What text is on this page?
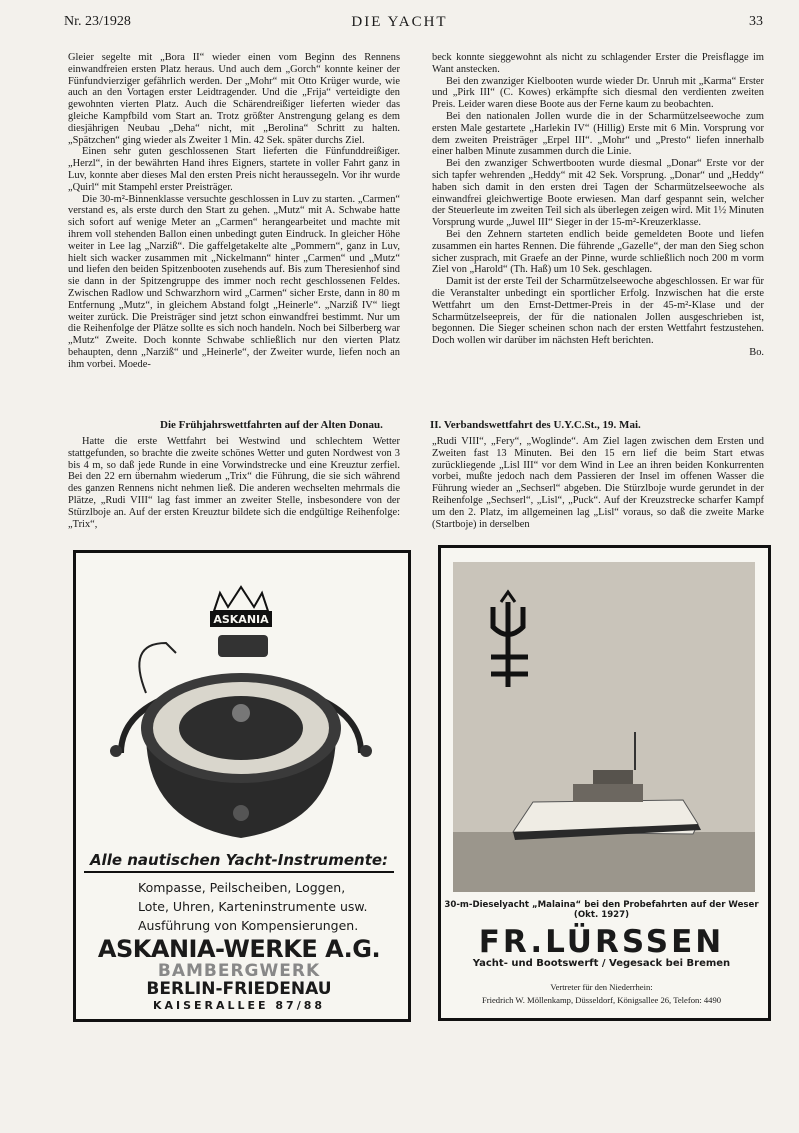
Nr. 23/1928	DIE YACHT	33

Gleier segelte mit „Bora II“ wieder einen vom Beginn des Rennens einwandfreien ersten Platz heraus. Und auch dem „Gorch“ konnte keiner der Fünfundvierziger gefährlich werden. Der „Mohr“ mit Otto Krüger wurde, wie auch an den Vortagen erster Leidtragender. Und die „Frija“ verteidigte den gewohnten vierten Platz. Auch die Schärendreißiger lieferten wieder das gleiche Kampfbild vom Start an. Trotz größter Anstrengung gelang es dem diesjährigen Neubau „Deha“ nicht, mit „Berolina“ Schritt zu halten. „Spätzchen“ ging wieder als Zweiter 1 Min. 42 Sek. später durchs Ziel.

Einen sehr guten geschlossenen Start lieferten die Fünfunddreißiger. „Herzl“, in der bewährten Hand ihres Eigners, startete in voller Fahrt ganz in Luv, konnte aber dieses Mal den ersten Preis nicht heraussegeln. Vor ihr wurde „Quirl“ mit Stampehl erster Preisträger.

Die 30-m²-Binnenklasse versuchte geschlossen in Luv zu starten. „Carmen“ verstand es, als erste durch den Start zu gehen. „Mutz“ mit A. Schwabe hatte sich sofort auf wenige Meter an „Carmen“ herangearbeitet und machte mit ihrem voll stehenden Ballon einen unbedingt guten Eindruck. In gleicher Höhe weiter in Lee lag „Narziß“. Die gaffelgetakelte alte „Pommern“, ganz in Luv, hielt sich wacker zusammen mit „Nickelmann“ hinter „Carmen“ und „Mutz“ und liefen den beiden Spitzenbooten zusehends auf. Bis zum Theresienhof sind sie dann in der Spitzengruppe des immer noch recht geschlossenen Feldes. Zwischen Radlow und Schwarzhorn wird „Carmen“ sicher Erste, dann in 80 m Entfernung „Mutz“, in gleichem Abstand folgt „Heinerle“. „Narziß IV“ liegt weiter zurück. Die Preisträger sind jetzt schon einwandfrei bestimmt. Nur um die Reihenfolge der Plätze sollte es sich noch handeln. Noch bei Silberberg war „Mutz“ Zweite. Doch konnte Schwabe schließlich nur den vierten Platz behaupten, denn „Narziß“ und „Heinerle“, der Zweiter wurde, liefen noch an ihm vorbei. Moede-

beck konnte sieggewohnt als nicht zu schlagender Erster die Preisflagge im Want anstecken.

Bei den zwanziger Kielbooten wurde wieder Dr. Unruh mit „Karma“ Erster und „Pirk III“ (C. Kowes) erkämpfte sich diesmal den verdienten zweiten Preis. Leider waren diese Boote aus der Ferne kaum zu beobachten.

Bei den nationalen Jollen wurde die in der Scharmützelseewoche zum ersten Male gestartete „Harlekin IV“ (Hillig) Erste mit 6 Min. Vorsprung vor dem zweiten Preisträger „Erpel III“. „Mohr“ und „Presto“ liefen innerhalb einer halben Minute zusammen durch die Linie.

Bei den zwanziger Schwertbooten wurde diesmal „Donar“ Erste vor der sich tapfer wehrenden „Heddy“ mit 42 Sek. Vorsprung. „Donar“ und „Heddy“ haben sich damit in den ersten drei Tagen der Scharmützelseewoche als einwandfrei gleichwertige Boote erwiesen. Man darf gespannt sein, welcher der Steuerleute im zweiten Teil sich als überlegen zeigen wird. Mit 1½ Minuten Vorsprung wurde „Juwel III“ Sieger in der 15-m²-Kreuzerklasse.

Bei den Zehnern starteten endlich beide gemeldeten Boote und liefen zusammen ein hartes Rennen. Die führende „Gazelle“, der man den Sieg schon sicher zusprach, mit Graefe an der Pinne, wurde schließlich noch 200 m vorm Ziel von „Harold“ (Th. Haß) um 10 Sek. geschlagen.

Damit ist der erste Teil der Scharmützelseewoche abgeschlossen. Er war für die Veranstalter unbedingt ein sportlicher Erfolg. Inzwischen hat die erste Wettfahrt um den Ernst-Dettmer-Preis in der 45-m²-Klase und der Scharmützelseepreis, der für die nationalen Jollen ausgeschrieben ist, begonnen. Die Sieger scheinen schon nach der ersten Wettfahrt festzustehen. Doch wollen wir darüber im nächsten Heft berichten.

Bo.
Die Frühjahrswettfahrten auf der Alten Donau.	II. Verbandswettfahrt des U.Y.C.St., 19. Mai.

Hatte die erste Wettfahrt bei Westwind und schlechtem Wetter stattgefunden, so brachte die zweite schönes Wetter und guten Nordwest von 3 bis 4 m, so daß jede Runde in eine Vorwindstrecke und eine Kreuztur zerfiel. Bei den 22 ern übernahm wiederum „Trix“ die Führung, die sie sich während des ganzen Rennens nicht nehmen ließ. Die anderen wechselten mehrmals die Plätze, „Rudi VIII“ lag fast immer an zweiter Stelle, insbesondere von der Stürzlboje an. Auf der ersten Kreuztur bildete sich die endgültige Reihenfolge: „Trix“,

„Rudi VIII“, „Fery“, „Woglinde“. Am Ziel lagen zwischen dem Ersten und Zweiten fast 13 Minuten. Bei den 15 ern lief die beim Start etwas zurückliegende „Lisl III“ vor dem Wind in Lee an ihren beiden Konkurrenten vorbei, mußte jedoch nach dem Passieren der Insel im offenen Wasser die Führung wieder an „Sechserl“ abgeben. Die Stürzlboje wurde gerundet in der Reihenfolge „Sechserl“, „Lisl“, „Puck“. Auf der Kreuzstrecke scharfer Kampf um den 2. Platz, im allgemeinen lag „Lisl“ voraus, so daß die zweite Marke (Startboje) in derselben

ASKANIA
Alle nautischen Yacht-Instrumente:
Kompasse, Peilscheiben, Loggen,
Lote, Uhren, Karteninstrumente usw.
Ausführung von Kompensierungen.
ASKANIA-WERKE A.G.
BAMBERGWERK
BERLIN-FRIEDENAU
KAISERALLEE 87/88
30-m-Dieselyacht „Malaina“ bei den Probefahrten auf der Weser (Okt. 1927)
FR.LÜRSSEN
Yacht- und Bootswerft / Vegesack bei Bremen
Vertreter für den Niederrhein:
Friedrich W. Möllenkamp, Düsseldorf, Königsallee 26, Telefon: 4490
